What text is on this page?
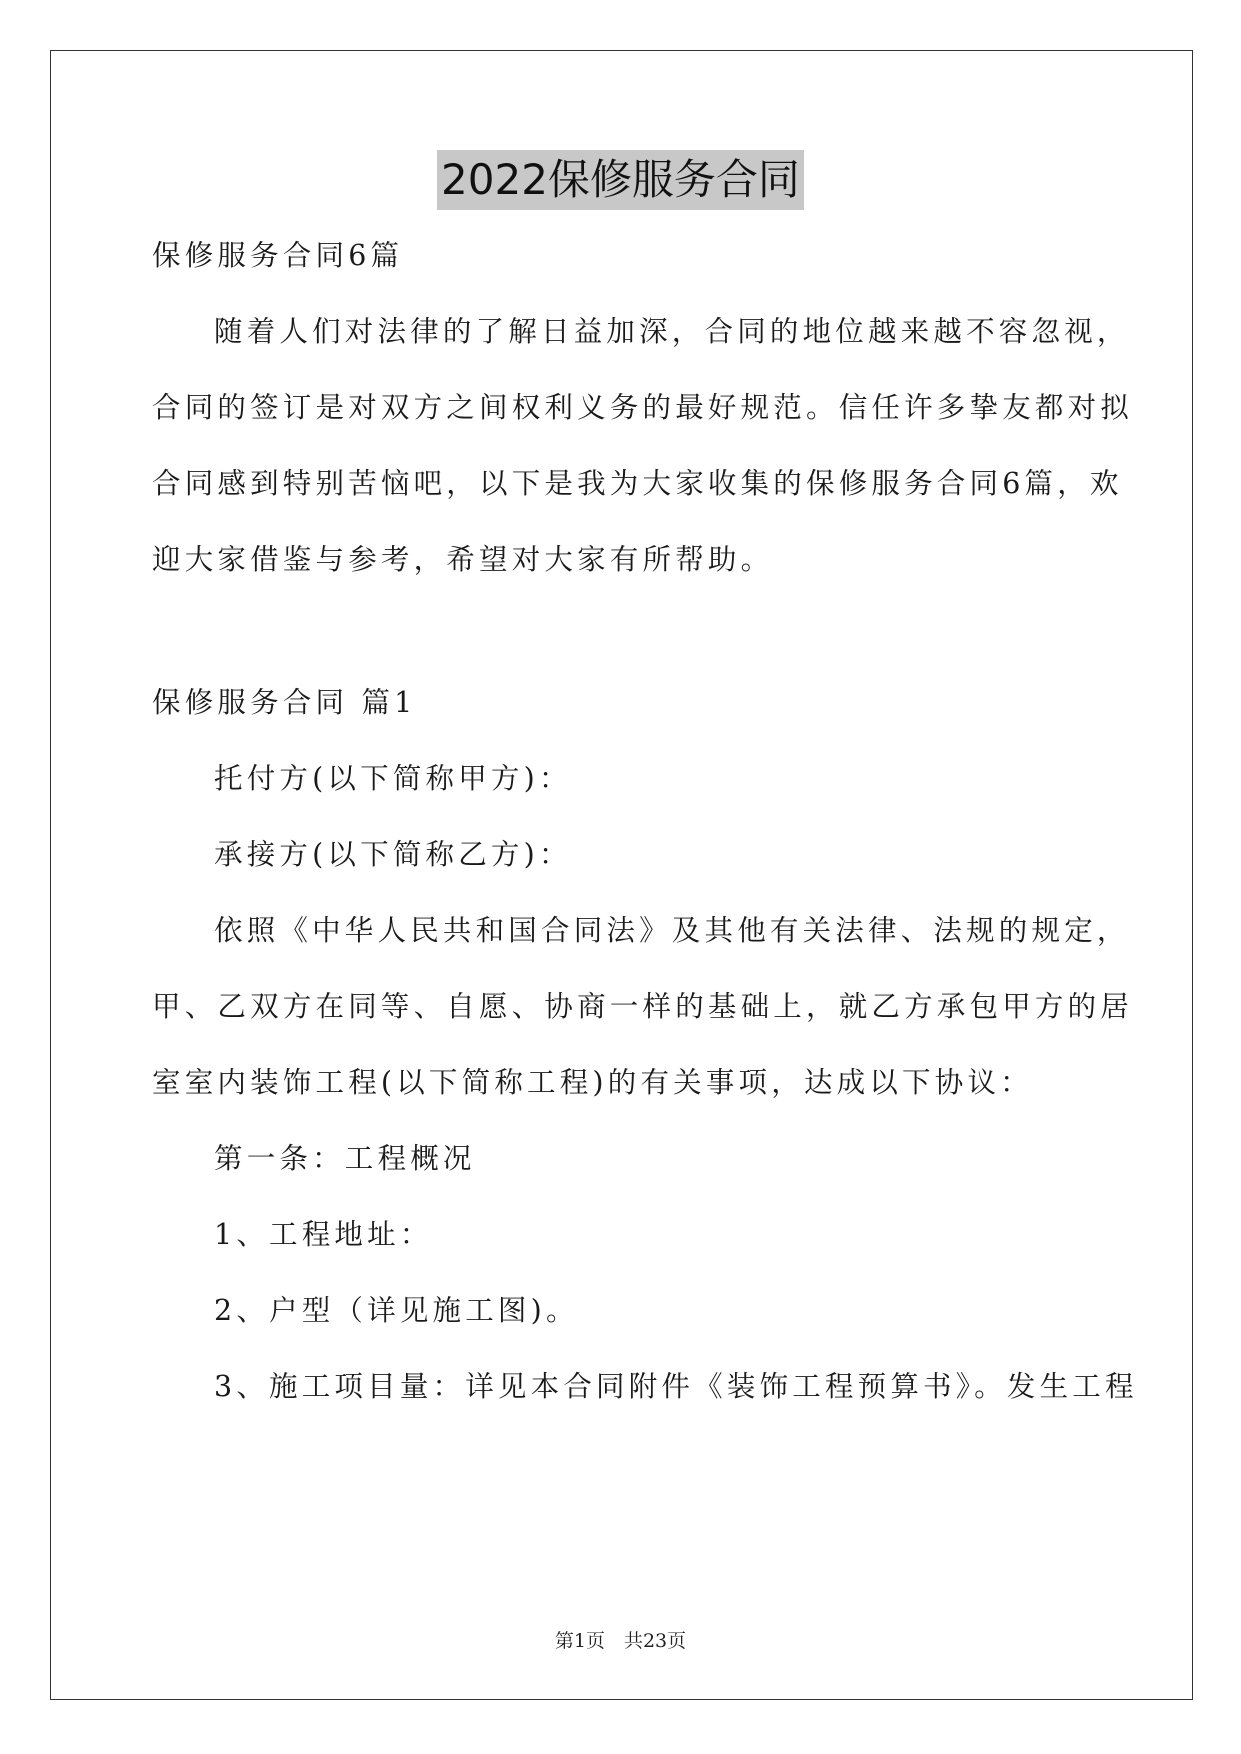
2022保修服务合同
保修服务合同6篇
随着人们对法律的了解日益加深，合同的地位越来越不容忽视，
合同的签订是对双方之间权利义务的最好规范。信任许多挚友都对拟
合同感到特别苦恼吧，以下是我为大家收集的保修服务合同6篇，欢
迎大家借鉴与参考，希望对大家有所帮助。
保修服务合同 篇1
托付方(以下简称甲方)：
承接方(以下简称乙方)：
依照《中华人民共和国合同法》及其他有关法律、法规的规定，
甲、乙双方在同等、自愿、协商一样的基础上，就乙方承包甲方的居
室室内装饰工程(以下简称工程)的有关事项，达成以下协议：
第一条：工程概况
1、工程地址：
2、户型（详见施工图)。
3、施工项目量：详见本合同附件《装饰工程预算书》。发生工程
第1页　共23页
